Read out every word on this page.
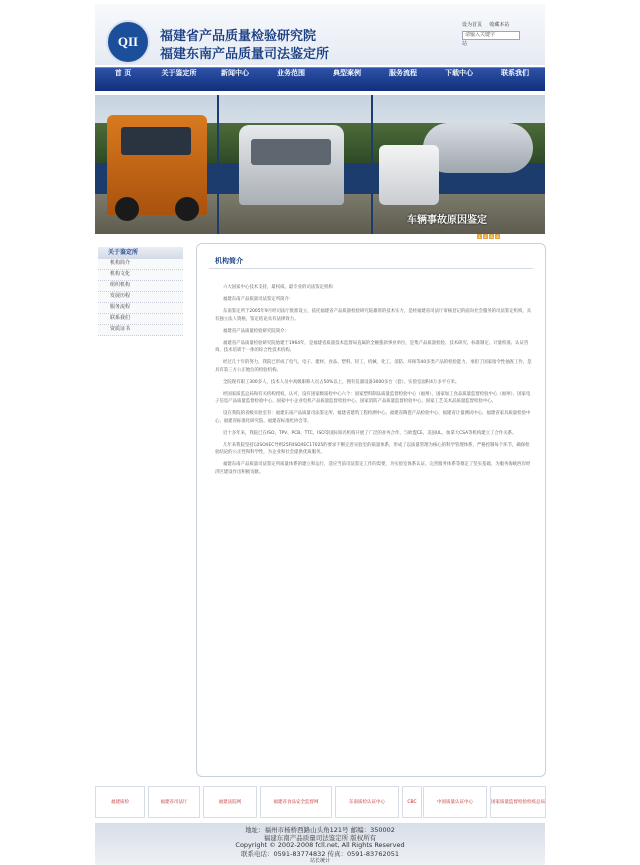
QII	福建省产品质量检验研究院
福建东南产品质量司法鉴定所
设为首页 收藏本站
请输入关键字
站
首 页	关于鉴定所	新闻中心	业务范围	典型案例	服务流程	下载中心	联系我们
车辆事故原因鉴定
1 2 3 4
关于鉴定所
机构简介
机构文化
组织机构
发展历程
服务流程
联系我们
资质证书
机构简介

六大国家中心技术支持，最权威、最专业的司法鉴定机构

福建东南产品质量司法鉴定所简介：

东南鉴定所于2005年9月经司法厅批准设立，依托福建省产品质量检验研究院雄厚的技术实力，是经福建省司法厅审核登记的面向社会服务的司法鉴定机构，具有独立法人资格，鉴定结论具有法律效力。

福建省产品质量检验研究院简介：

福建省产品质量检验研究院始建于1964年，是福建省质量技术监督局直属的全额拨款事业单位，是集产品质量检验、技术研究、标准制定、计量校准、认证咨询、技术培训于一体的综合性技术机构。

经过几十年的努力，我院已形成了电气、电子、建材、食品、塑料、轻工、机械、化工、消防、环保等40多类产品的检验能力，承担了国家指令性抽查工作，是具有第三方公正地位的检验机构。

全院现有职工300多人，技术人员中高级职称人员占50%以上，拥有仪器设备3000多台（套），实验室面积4万多平方米。

经国家质监总局和有关机构授权，认可，设有国家级质检中心六个：国家塑料制品质量监督检验中心（福州）、国家加工食品质量监督检验中心（福州）、国家电子信息产品质量监督检验中心、国家中小企业电机产品质量监督检验中心、国家消防产品质量监督检验中心、国家工艺美术品质量监督检验中心。

设在我院的省级实验室有：福建东南产品质量司法鉴定所、福建省建筑工程检测中心、福建省陶瓷产品检验中心、福建省计量测试中心、福建省家具质量检验中心、福建省标准化研究院、福建省标准化协会等。

近十多年来，我院已在ISO、TPV、PCB、TTC、ISO等国际知名机构开展了广泛的业务合作，与欧盟CE、美国UL、加拿大CSA等机构建立了合作关系。

几年来我院坚持以ISO/IEC导则25和ISO/IEC17025的要求不断完善实验室的质量体系，形成了以质量管理为核心的科学管理体系，严格控制每个环节，确保检验结论的公正性和科学性，为企业和社会提供优质服务。

福建东南产品质量司法鉴定所质量体系的建立和运行，适应当前司法鉴定工作的需要，为实验室体系认证、完善服务体系等奠定了坚实基础，为服务海峡西岸经济区建设作出积极贡献。

福建质检	福建省司法厅	福建法院网	福建省食品安全监督网	东南质检认证中心	CBC	中国质量认证中心	国家质量监督检验检疫总局
地址：福州市杨桥西路山头角121号 邮编：350002
福建东南产品质量司法鉴定所 版权所有
Copyright © 2002-2008 fcll.net, All Rights Reserved
联系电话：0591-83774832 传真：0591-83762051
站长统计
